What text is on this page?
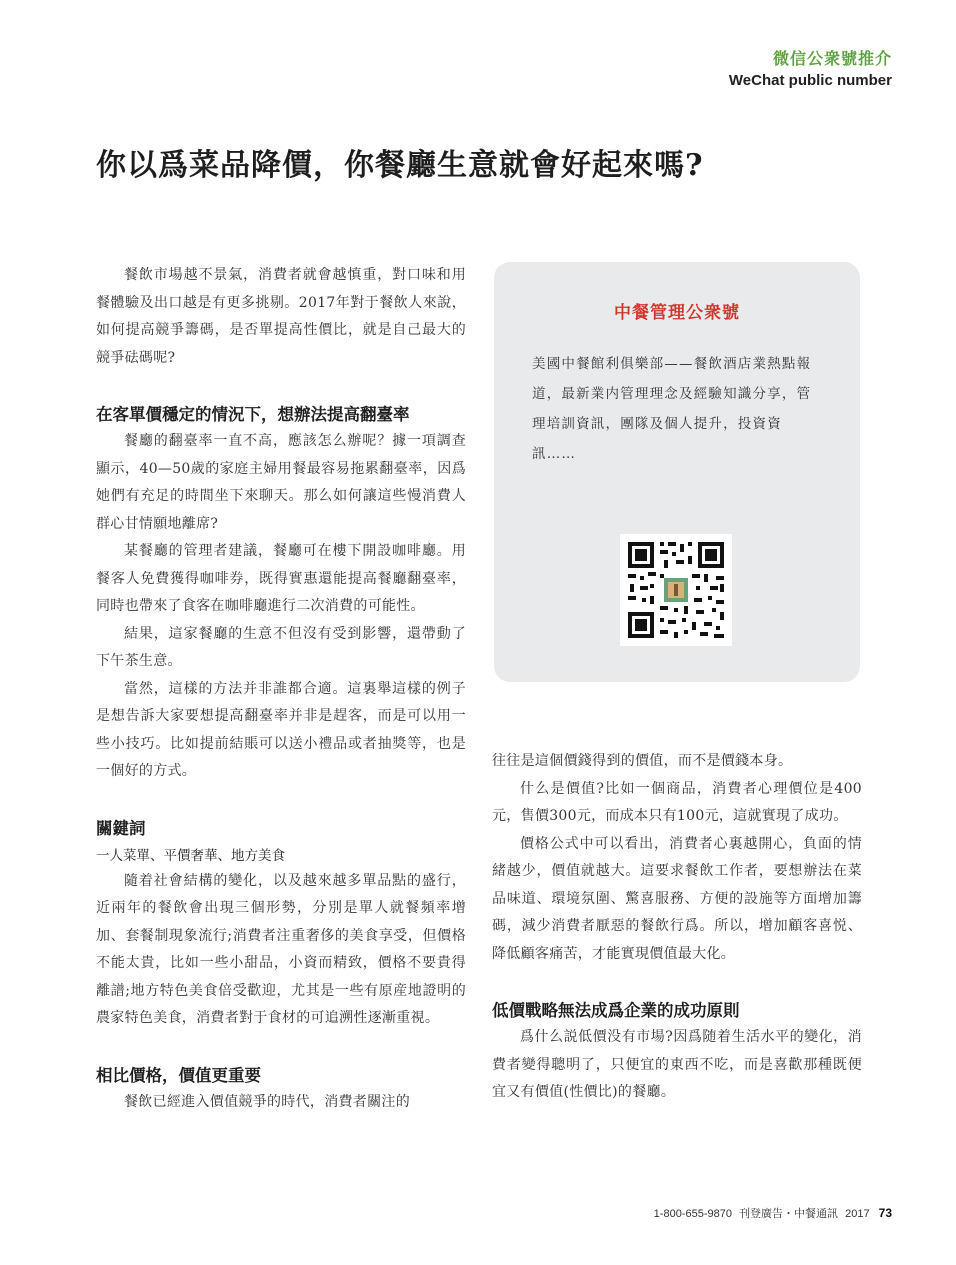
微信公衆號推介
WeChat public number
你以爲菜品降價，你餐廳生意就會好起來嗎?

餐飲市場越不景氣，消費者就會越慎重，對口味和用餐體驗及出口越是有更多挑剔。2017年對于餐飲人來說，如何提高競爭籌碼，是否單提高性價比，就是自己最大的競爭砝碼呢?

在客單價穩定的情況下，想辦法提高翻臺率

餐廳的翻臺率一直不高，應該怎么辦呢？據一項調查顯示，40—50歲的家庭主婦用餐最容易拖累翻臺率，因爲她們有充足的時間坐下來聊天。那么如何讓這些慢消費人群心甘情願地離席?

某餐廳的管理者建議，餐廳可在樓下開設咖啡廳。用餐客人免費獲得咖啡券，既得實惠還能提高餐廳翻臺率，同時也帶來了食客在咖啡廳進行二次消費的可能性。

結果，這家餐廳的生意不但沒有受到影響，還帶動了下午茶生意。

當然，這樣的方法并非誰都合適。這裏舉這樣的例子是想告訴大家要想提高翻臺率并非是趕客，而是可以用一些小技巧。比如提前結賬可以送小禮品或者抽獎等，也是一個好的方式。

關鍵詞
一人菜單、平價奢華、地方美食

隨着社會結構的變化，以及越來越多單品點的盛行，近兩年的餐飲會出現三個形勢，分別是單人就餐頻率增加、套餐制現象流行;消費者注重奢侈的美食享受，但價格不能太貴，比如一些小甜品，小資而精致，價格不要貴得離譜;地方特色美食倍受歡迎，尤其是一些有原産地證明的農家特色美食，消費者對于食材的可追溯性逐漸重視。

相比價格，價值更重要

餐飲已經進入價值競爭的時代，消費者關注的

中餐管理公衆號
美國中餐館利俱樂部——餐飲酒店業熱點報道，最新業内管理理念及經驗知識分享，管理培訓資訊，團隊及個人提升，投資資訊……

往往是這個價錢得到的價值，而不是價錢本身。

什么是價值?比如一個商品，消費者心理價位是400元，售價300元，而成本只有100元，這就實現了成功。

價格公式中可以看出，消費者心裏越開心，負面的情緒越少，價值就越大。這要求餐飲工作者，要想辦法在菜品味道、環境氛圍、驚喜服務、方便的設施等方面增加籌碼，減少消費者厭惡的餐飲行爲。所以，增加顧客喜悦、降低顧客痛苦，才能實現價值最大化。

低價戰略無法成爲企業的成功原則

爲什么説低價没有市場?因爲随着生活水平的變化，消費者變得聰明了，只便宜的東西不吃，而是喜歡那種既便宜又有價值(性價比)的餐廳。

1-800-655-9870 刊登廣告・中餐通訊 2017 73
